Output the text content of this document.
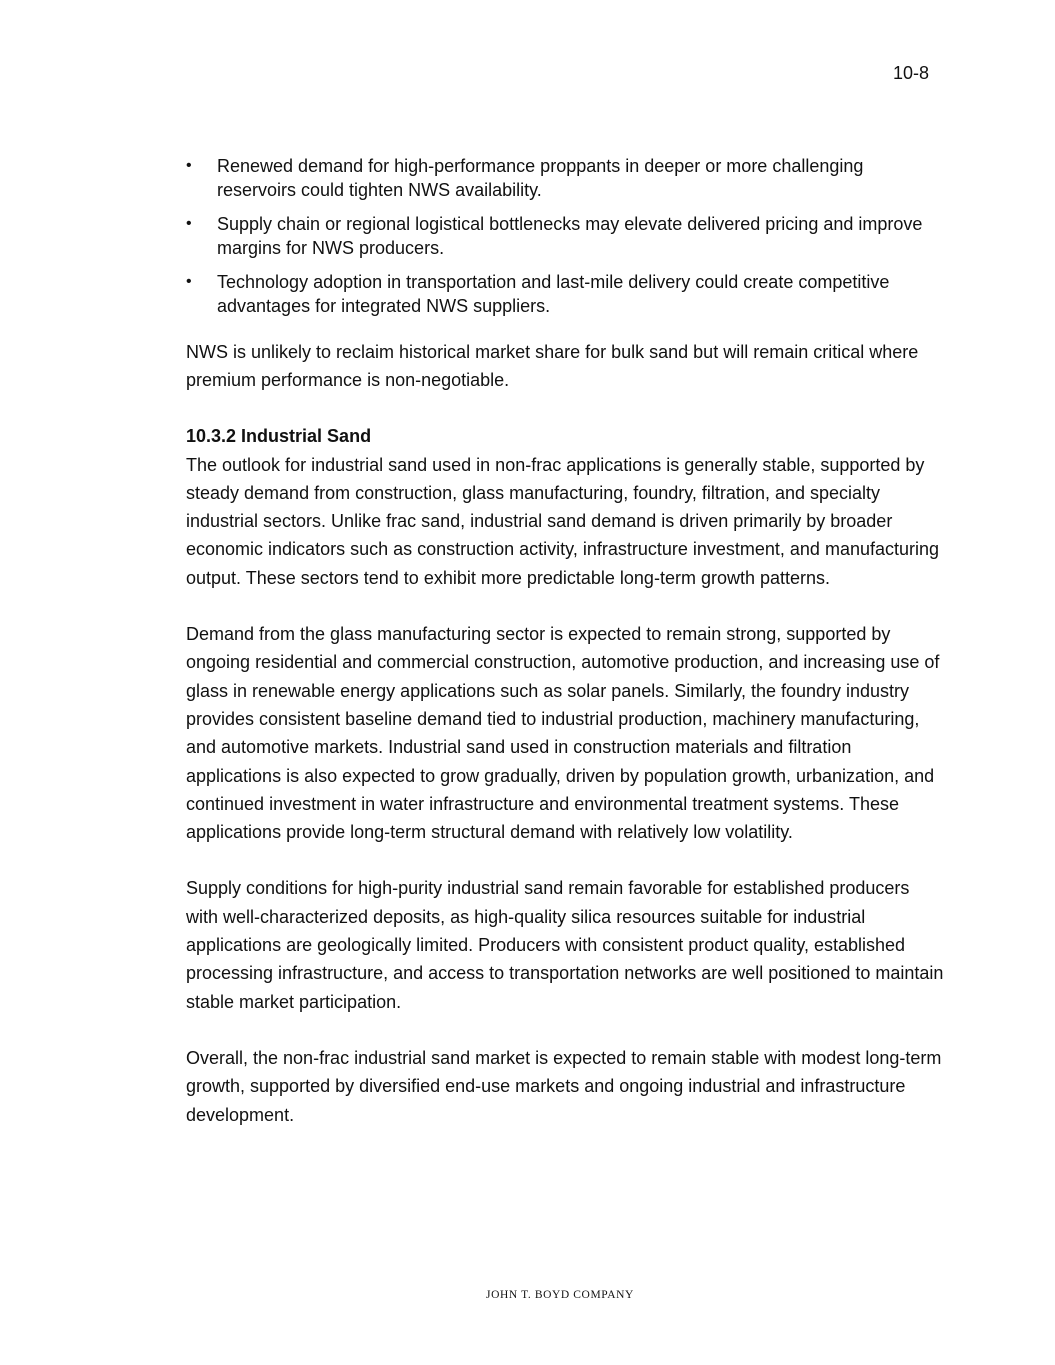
10-8
•	Renewed demand for high-performance proppants in deeper or more challenging reservoirs could tighten NWS availability.
•	Supply chain or regional logistical bottlenecks may elevate delivered pricing and improve margins for NWS producers.
•	Technology adoption in transportation and last-mile delivery could create competitive advantages for integrated NWS suppliers.

NWS is unlikely to reclaim historical market share for bulk sand but will remain critical where premium performance is non-negotiable.

10.3.2 Industrial Sand

The outlook for industrial sand used in non-frac applications is generally stable, supported by steady demand from construction, glass manufacturing, foundry, filtration, and specialty industrial sectors. Unlike frac sand, industrial sand demand is driven primarily by broader economic indicators such as construction activity, infrastructure investment, and manufacturing output. These sectors tend to exhibit more predictable long-term growth patterns.

Demand from the glass manufacturing sector is expected to remain strong, supported by ongoing residential and commercial construction, automotive production, and increasing use of glass in renewable energy applications such as solar panels. Similarly, the foundry industry provides consistent baseline demand tied to industrial production, machinery manufacturing, and automotive markets. Industrial sand used in construction materials and filtration applications is also expected to grow gradually, driven by population growth, urbanization, and continued investment in water infrastructure and environmental treatment systems. These applications provide long-term structural demand with relatively low volatility.

Supply conditions for high-purity industrial sand remain favorable for established producers with well-characterized deposits, as high-quality silica resources suitable for industrial applications are geologically limited. Producers with consistent product quality, established processing infrastructure, and access to transportation networks are well positioned to maintain stable market participation.

Overall, the non-frac industrial sand market is expected to remain stable with modest long-term growth, supported by diversified end-use markets and ongoing industrial and infrastructure development.

JOHN T. BOYD COMPANY
